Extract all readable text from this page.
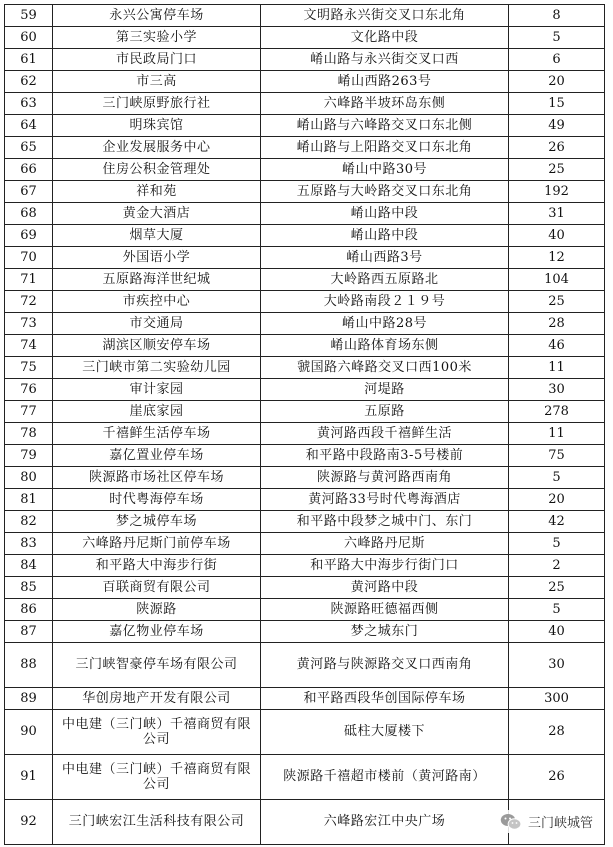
59	永兴公寓停车场	文明路永兴街交叉口东北角	8
60	第三实验小学	文化路中段	5
61	市民政局门口	崤山路与永兴街交叉口西	6
62	市三高	崤山西路263号	20
63	三门峡原野旅行社	六峰路半坡环岛东侧	15
64	明珠宾馆	崤山路与六峰路交叉口东北侧	49
65	企业发展服务中心	崤山路与上阳路交叉口东北角	26
66	住房公积金管理处	崤山中路30号	25
67	祥和苑	五原路与大岭路交叉口东北角	192
68	黄金大酒店	崤山路中段	31
69	烟草大厦	崤山路中段	40
70	外国语小学	崤山西路3号	12
71	五原路海洋世纪城	大岭路西五原路北	104
72	市疾控中心	大岭路南段２１９号	25
73	市交通局	崤山中路28号	28
74	湖滨区顺安停车场	崤山路体育场东侧	46
75	三门峡市第二实验幼儿园	虢国路六峰路交叉口西100米	11
76	审计家园	河堤路	30
77	崖底家园	五原路	278
78	千禧鲜生活停车场	黄河路西段千禧鲜生活	11
79	嘉亿置业停车场	和平路中段路南3-5号楼前	75
80	陕源路市场社区停车场	陕源路与黄河路西南角	5
81	时代粤海停车场	黄河路33号时代粤海酒店	20
82	梦之城停车场	和平路中段梦之城中门、东门	42
83	六峰路丹尼斯门前停车场	六峰路丹尼斯	5
84	和平路大中海步行街	和平路大中海步行街门口	2
85	百联商贸有限公司	黄河路中段	25
86	陕源路	陕源路旺德福西侧	5
87	嘉亿物业停车场	梦之城东门	40
88	三门峡智豪停车场有限公司	黄河路与陕源路交叉口西南角	30
89	华创房地产开发有限公司	和平路西段华创国际停车场	300
90	中电建（三门峡）千禧商贸有限公司	砥柱大厦楼下	28
91	中电建（三门峡）千禧商贸有限公司	陕源路千禧超市楼前（黄河路南）	26
92	三门峡宏江生活科技有限公司	六峰路宏江中央广场		三门峡城管
